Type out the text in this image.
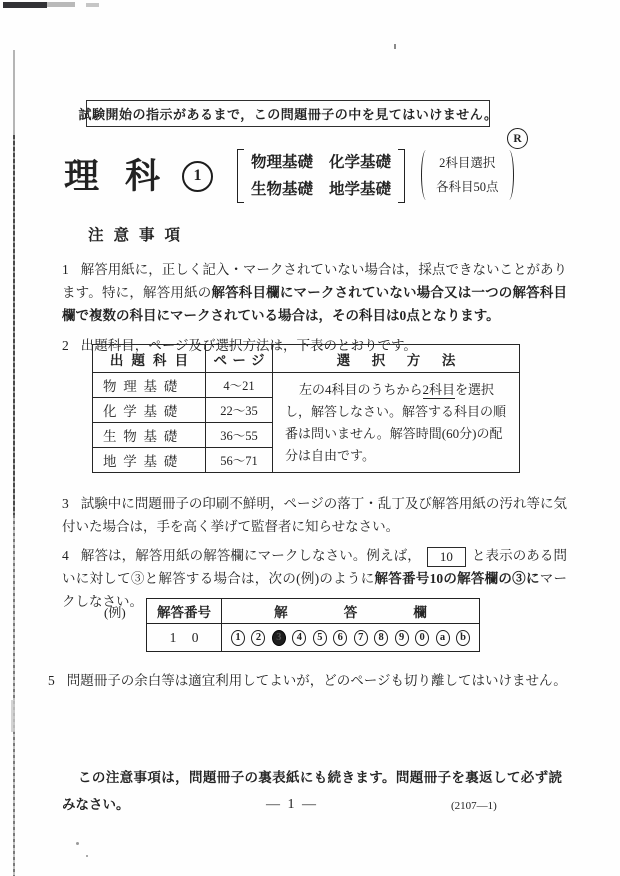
試験開始の指示があるまで，この問題冊子の中を見てはいけません。
R
理科 1
物理基礎 化学基礎
生物基礎 地学基礎
2科目選択
各科目50点
注意事項

1 解答用紙に，正しく記入・マークされていない場合は，採点できないことがあります。特に，解答用紙の解答科目欄にマークされていない場合又は一つの解答科目欄で複数の科目にマークされている場合は，その科目は0点となります。

2 出題科目，ページ及び選択方法は，下表のとおりです。

出題科目	ページ	選択方法
物理基礎	4～21	左の4科目のうちから2科目を選択し，解答しなさい。解答する科目の順番は問いません。解答時間(60分)の配分は自由です。
化学基礎	22～35	
生物基礎	36～55	
地学基礎	56～71	

3 試験中に問題冊子の印刷不鮮明，ページの落丁・乱丁及び解答用紙の汚れ等に気付いた場合は，手を高く挙げて監督者に知らせなさい。

4 解答は，解答用紙の解答欄にマークしなさい。例えば， 10 と表示のある問いに対して③と解答する場合は，次の(例)のように解答番号10の解答欄の③にマークしなさい。

(例) 解答番号	解 答 欄

1 0	1	2	3	4	5	6	7	8	9	0	a	b

5 問題冊子の余白等は適宜利用してよいが，どのページも切り離してはいけません。

この注意事項は，問題冊子の裏表紙にも続きます。問題冊子を裏返して必ず読みなさい。	— 1 —	(2107—1)
